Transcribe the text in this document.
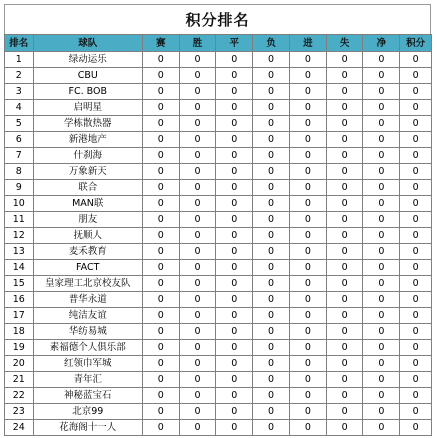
积分排名
排名	球队	赛	胜	平	负	进	失	净	积分
1	绿动运乐	0	0	0	0	0	0	0	0
2	CBU	0	0	0	0	0	0	0	0
3	FC. BOB	0	0	0	0	0	0	0	0
4	启明星	0	0	0	0	0	0	0	0
5	学栋散热器	0	0	0	0	0	0	0	0
6	新港地产	0	0	0	0	0	0	0	0
7	什刹海	0	0	0	0	0	0	0	0
8	万象新天	0	0	0	0	0	0	0	0
9	联合	0	0	0	0	0	0	0	0
10	MAN联	0	0	0	0	0	0	0	0
11	朋友	0	0	0	0	0	0	0	0
12	抚顺人	0	0	0	0	0	0	0	0
13	麦禾教育	0	0	0	0	0	0	0	0
14	FACT	0	0	0	0	0	0	0	0
15	皇家理工北京校友队	0	0	0	0	0	0	0	0
16	普华永道	0	0	0	0	0	0	0	0
17	纯洁友谊	0	0	0	0	0	0	0	0
18	华纺易城	0	0	0	0	0	0	0	0
19	素福德个人俱乐部	0	0	0	0	0	0	0	0
20	红领巾军城	0	0	0	0	0	0	0	0
21	青年汇	0	0	0	0	0	0	0	0
22	神秘蓝宝石	0	0	0	0	0	0	0	0
23	北京99	0	0	0	0	0	0	0	0
24	花海阁十一人	0	0	0	0	0	0	0	0
